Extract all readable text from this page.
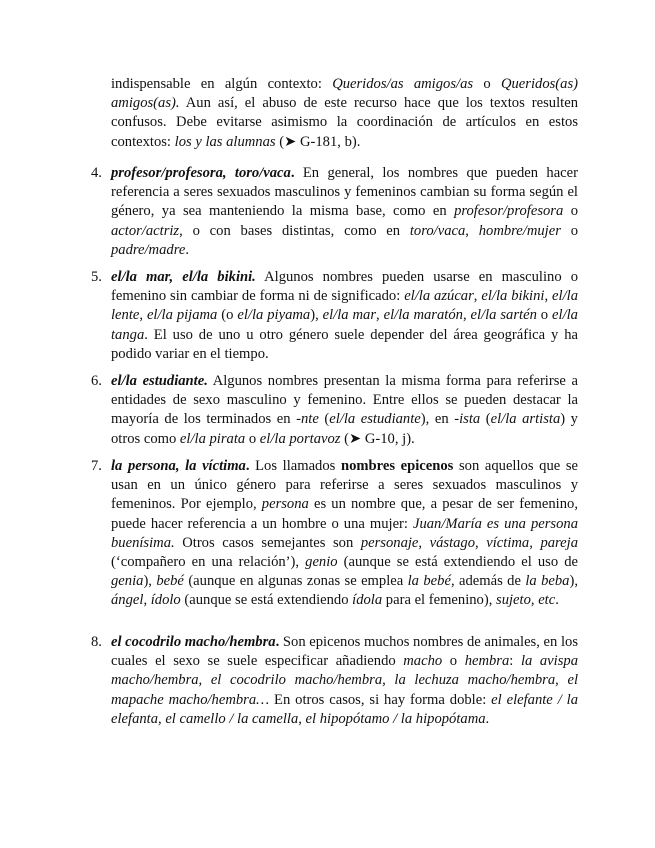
indispensable en algún contexto: Queridos/as amigos/as o Queridos(as) amigos(as). Aun así, el abuso de este recurso hace que los textos resulten confusos. Debe evitarse asimismo la coordinación de artículos en estos contextos: los y las alumnas (➤ G-181, b).

4. profesor/profesora, toro/vaca. En general, los nombres que pueden hacer referencia a seres sexuados masculinos y femeninos cambian su forma según el género, ya sea manteniendo la misma base, como en profesor/profesora o actor/actriz, o con bases distintas, como en toro/vaca, hombre/mujer o padre/madre.

5. el/la mar, el/la bikini. Algunos nombres pueden usarse en masculino o femenino sin cambiar de forma ni de significado: el/la azúcar, el/la bikini, el/la lente, el/la pijama (o el/la piyama), el/la mar, el/la maratón, el/la sartén o el/la tanga. El uso de uno u otro género suele depender del área geográfica y ha podido variar en el tiempo.

6. el/la estudiante. Algunos nombres presentan la misma forma para referirse a entidades de sexo masculino y femenino. Entre ellos se pueden destacar la mayoría de los terminados en -nte (el/la estudiante), en -ista (el/la artista) y otros como el/la pirata o el/la portavoz (➤ G-10, j).

7. la persona, la víctima. Los llamados nombres epicenos son aquellos que se usan en un único género para referirse a seres sexuados masculinos y femeninos. Por ejemplo, persona es un nombre que, a pesar de ser femenino, puede hacer referencia a un hombre o una mujer: Juan/María es una persona buenísima. Otros casos semejantes son personaje, vástago, víctima, pareja (‘compañero en una relación’), genio (aunque se está extendiendo el uso de genia), bebé (aunque en algunas zonas se emplea la bebé, además de la beba), ángel, ídolo (aunque se está extendiendo ídola para el femenino), sujeto, etc.

8. el cocodrilo macho/hembra. Son epicenos muchos nombres de animales, en los cuales el sexo se suele especificar añadiendo macho o hembra: la avispa macho/hembra, el cocodrilo macho/hembra, la lechuza macho/hembra, el mapache macho/hembra… En otros casos, si hay forma doble: el elefante / la elefanta, el camello / la camella, el hipopótamo / la hipopótama.
